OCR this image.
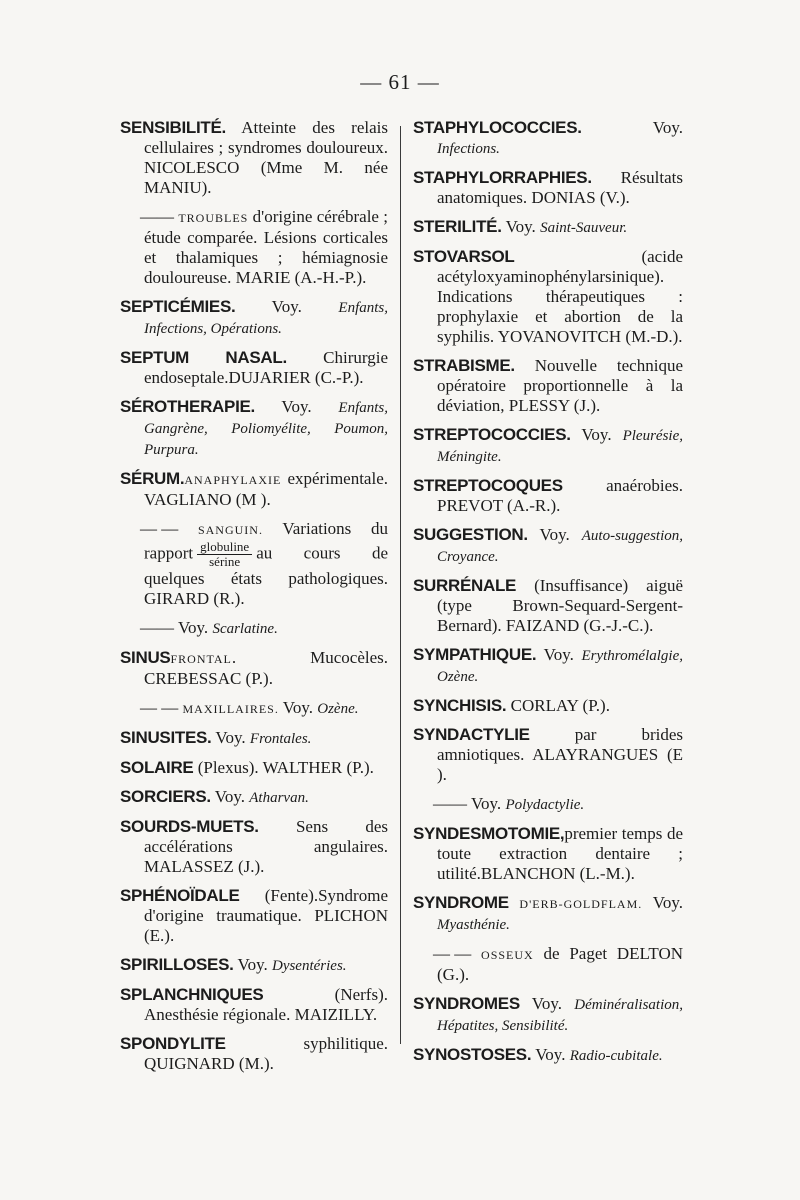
— 61 —
SENSIBILITÉ. Atteinte des relais cellulaires ; syndromes douloureux. NICOLESCO (Mme M. née MANIU).
—— TROUBLES d'origine cérébrale ; étude comparée. Lésions corticales et thalamiques ; hémiagnosie douloureuse. MARIE (A.-H.-P.).
SEPTICÉMIES. Voy. Enfants, Infections, Opérations.
SEPTUM NASAL. Chirurgie endoseptale.DUJARIER (C.-P.).
SÉROTHERAPIE. Voy. Enfants, Gangrène, Poliomyélite, Poumon, Purpura.
SÉRUM.ANAPHYLAXIE expérimentale. VAGLIANO (M ).
— — SANGUIN. Variations du rapport $\frac{\text{globuline}}{\text{sérine}}$ au cours de quelques états pathologiques. GIRARD (R.).
—— Voy. Scarlatine.
SINUSFRONTAL. Mucocèles. CREBESSAC (P.).
— — MAXILLAIRES. Voy. Ozène.
SINUSITES. Voy. Frontales.
SOLAIRE (Plexus). WALTHER (P.).
SORCIERS. Voy. Atharvan.
SOURDS-MUETS. Sens des accélérations angulaires. MALASSEZ (J.).
SPHÉNOÏDALE (Fente).Syndrome d'origine traumatique. PLICHON (E.).
SPIRILLOSES. Voy. Dysentéries.
SPLANCHNIQUES (Nerfs). Anesthésie régionale. MAIZILLY.
SPONDYLITE syphilitique. QUIGNARD (M.).
STAPHYLOCOCCIES. Voy. Infections.
STAPHYLORRAPHIES. Résultats anatomiques. DONIAS (V.).
STERILITÉ. Voy. Saint-Sauveur.
STOVARSOL (acide acétyloxyaminophénylarsinique). Indications thérapeutiques : prophylaxie et abortion de la syphilis. YOVANOVITCH (M.-D.).
STRABISME. Nouvelle technique opératoire proportionnelle à la déviation, PLESSY (J.).
STREPTOCOCCIES. Voy. Pleurésie, Méningite.
STREPTOCOQUES anaérobies. PREVOT (A.-R.).
SUGGESTION. Voy. Auto-suggestion, Croyance.
SURRÉNALE (Insuffisance) aiguë (type Brown-Sequard-Sergent-Bernard). FAIZAND (G.-J.-C.).
SYMPATHIQUE. Voy. Erythromélalgie, Ozène.
SYNCHISIS. CORLAY (P.).
SYNDACTYLIE par brides amniotiques. ALAYRANGUES (E ).
—— Voy. Polydactylie.
SYNDESMOTOMIE,premier temps de toute extraction dentaire ; utilité.BLANCHON (L.-M.).
SYNDROME D'ERB-GOLDFLAM. Voy. Myasthénie.
— — OSSEUX de Paget DELTON (G.).
SYNDROMES Voy. Déminéralisation, Hépatites, Sensibilité.
SYNOSTOSES. Voy. Radio-cubitale.
